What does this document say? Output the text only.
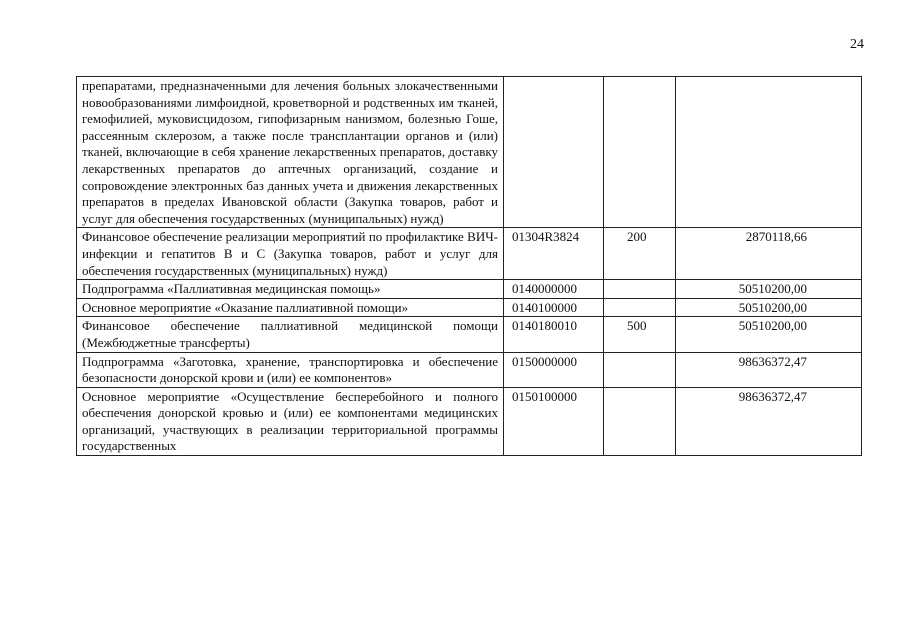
24
препаратами, предназначенными для лечения больных злокачественными новообразованиями лимфоидной, кроветворной и родственных им тканей, гемофилией, муковисцидозом, гипофизарным нанизмом, болезнью Гоше, рассеянным склерозом, а также после трансплантации органов и (или) тканей, включающие в себя хранение лекарственных препаратов, доставку лекарственных препаратов до аптечных организаций, создание и сопровождение электронных баз данных учета и движения лекарственных препаратов в пределах Ивановской области (Закупка товаров, работ и услуг для обеспечения государственных (муниципальных) нужд)			
Финансовое обеспечение реализации мероприятий по профилактике ВИЧ-инфекции и гепатитов В и С (Закупка товаров, работ и услуг для обеспечения государственных (муниципальных) нужд)	01304R3824	200	2870118,66
Подпрограмма «Паллиативная медицинская помощь»	0140000000		50510200,00
Основное мероприятие «Оказание паллиативной помощи»	0140100000		50510200,00
Финансовое обеспечение паллиативной медицинской помощи (Межбюджетные трансферты)	0140180010	500	50510200,00
Подпрограмма «Заготовка, хранение, транспортировка и обеспечение безопасности донорской крови и (или) ее компонентов»	0150000000		98636372,47
Основное мероприятие «Осуществление бесперебойного и полного обеспечения донорской кровью и (или) ее компонентами медицинских организаций, участвующих в реализации территориальной программы государственных	0150100000		98636372,47
